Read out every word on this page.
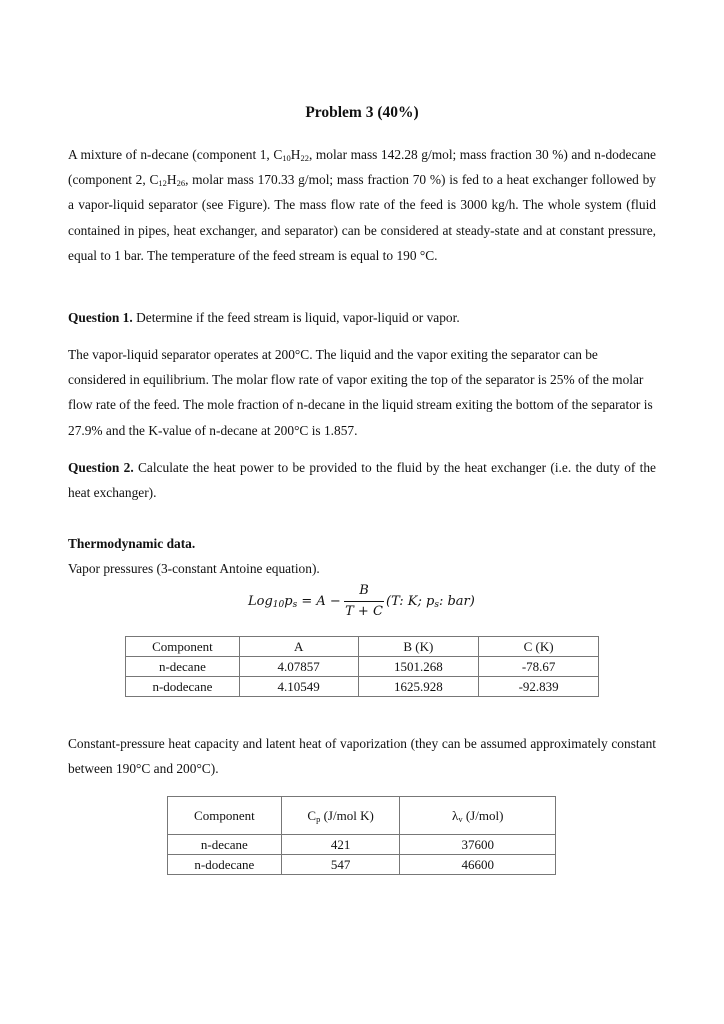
Problem 3 (40%)
A mixture of n-decane (component 1, $C_{10}H_{22}$, molar mass 142.28 g/mol; mass fraction 30 %) and n-dodecane (component 2, $C_{12}H_{26}$, molar mass 170.33 g/mol; mass fraction 70 %) is fed to a heat exchanger followed by a vapor-liquid separator (see Figure). The mass flow rate of the feed is 3000 kg/h. The whole system (fluid contained in pipes, heat exchanger, and separator) can be considered at steady-state and at constant pressure, equal to 1 bar. The temperature of the feed stream is equal to 190 °C.
Question 1. Determine if the feed stream is liquid, vapor-liquid or vapor.
The vapor-liquid separator operates at 200°C. The liquid and the vapor exiting the separator can be considered in equilibrium. The molar flow rate of vapor exiting the top of the separator is 25% of the molar flow rate of the feed. The mole fraction of n-decane in the liquid stream exiting the bottom of the separator is 27.9% and the K-value of n-decane at 200°C is 1.857.
Question 2. Calculate the heat power to be provided to the fluid by the heat exchanger (i.e. the duty of the heat exchanger).
Thermodynamic data.
Vapor pressures (3-constant Antoine equation).
$Log_{10}p_s = A$ −
B
T + C
(T: K; $p_s$: bar)
Component	A	B (K)	C (K)
n-decane	4.07857	1501.268	-78.67
n-dodecane	4.10549	1625.928	-92.839
Constant-pressure heat capacity and latent heat of vaporization (they can be assumed approximately constant between 190°C and 200°C).
Component	$C_p$ (J/mol K)	$\lambda_v$ (J/mol)
n-decane	421	37600
n-dodecane	547	46600
